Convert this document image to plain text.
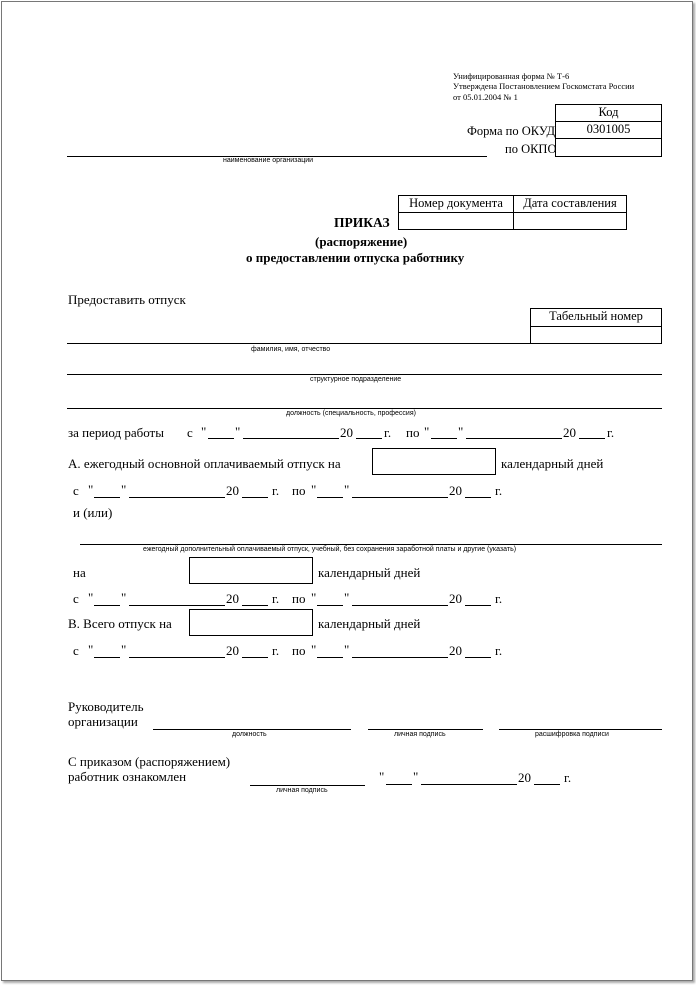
Унифицированная форма № Т-6
Утверждена Постановлением Госкомстата России
от 05.01.2004 № 1
Код
0301005
Форма по ОКУД
по ОКПО
наименование организации
Номер документа	Дата составления
ПРИКАЗ
(распоряжение)
о предоставлении отпуска работнику
Предоставить отпуск
Табельный номер
фамилия, имя, отчество
структурное подразделение
должность (специальность, профессия)
за период работы с " "	20 г. по " "	20 г.
А. ежегодный основной оплачиваемый отпуск на	календарный дней
с " "	20	г. по " "	20	г.
и (или)
ежегодный дополнительный оплачиваемый отпуск, учебный, без сохранения заработной платы и другие (указать)
на	календарный дней
с " "	20	г. по " "	20	г.
В. Всего отпуск на	календарный дней
с " "	20	г. по " "	20	г.
Руководитель
организации
должность	личная подпись	расшифровка подписи
С приказом (распоряжением)
работник ознакомлен
личная подпись
" "	20	г.
